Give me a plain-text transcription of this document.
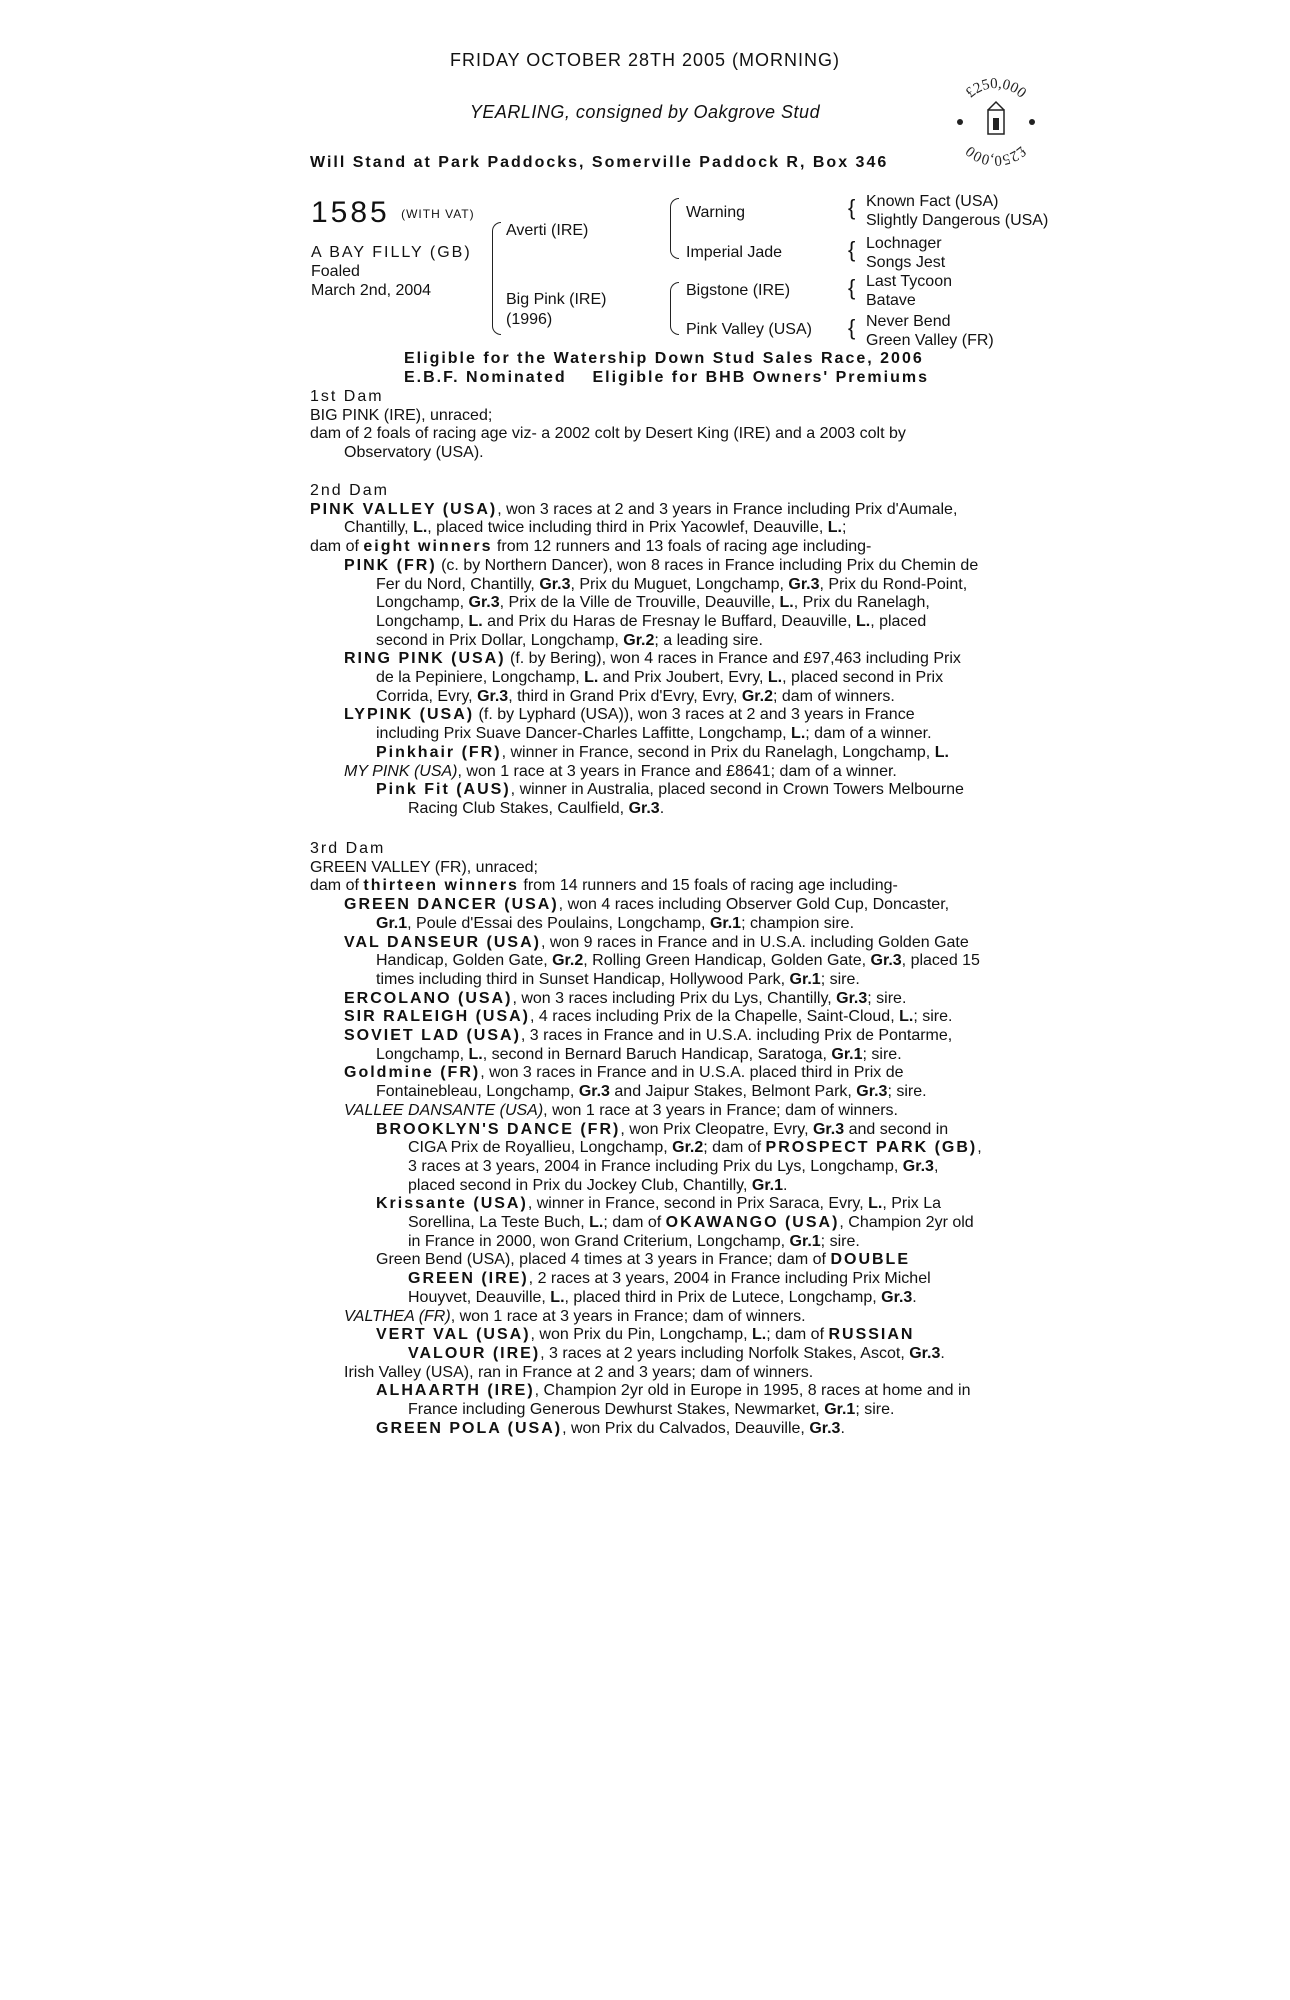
FRIDAY OCTOBER 28TH 2005 (MORNING)
YEARLING, consigned by Oakgrove Stud
Will Stand at Park Paddocks, Somerville Paddock R, Box 346
£250,000
£250,000
1585 (WITH VAT)
A BAY FILLY (GB)
Foaled
March 2nd, 2004
Averti (IRE)
Big Pink (IRE)
(1996)
Warning
Imperial Jade
Bigstone (IRE)
Pink Valley (USA)
{ Known Fact (USA)
Slightly Dangerous (USA)
{ Lochnager
Songs Jest
{ Last Tycoon
Batave
{ Never Bend
Green Valley (FR)
Eligible for the Watership Down Stud Sales Race, 2006
E.B.F. Nominated    Eligible for BHB Owners' Premiums

1st Dam

BIG PINK (IRE), unraced;

dam of 2 foals of racing age viz- a 2002 colt by Desert King (IRE) and a 2003 colt by Observatory (USA).

2nd Dam

PINK VALLEY (USA), won 3 races at 2 and 3 years in France including Prix d'Aumale, Chantilly, L., placed twice including third in Prix Yacowlef, Deauville, L.;

dam of eight winners from 12 runners and 13 foals of racing age including-

PINK (FR) (c. by Northern Dancer), won 8 races in France including Prix du Chemin de Fer du Nord, Chantilly, Gr.3, Prix du Muguet, Longchamp, Gr.3, Prix du Rond-Point, Longchamp, Gr.3, Prix de la Ville de Trouville, Deauville, L., Prix du Ranelagh, Longchamp, L. and Prix du Haras de Fresnay le Buffard, Deauville, L., placed second in Prix Dollar, Longchamp, Gr.2; a leading sire.

RING PINK (USA) (f. by Bering), won 4 races in France and £97,463 including Prix de la Pepiniere, Longchamp, L. and Prix Joubert, Evry, L., placed second in Prix Corrida, Evry, Gr.3, third in Grand Prix d'Evry, Evry, Gr.2; dam of winners.

LYPINK (USA) (f. by Lyphard (USA)), won 3 races at 2 and 3 years in France including Prix Suave Dancer-Charles Laffitte, Longchamp, L.; dam of a winner.

Pinkhair (FR), winner in France, second in Prix du Ranelagh, Longchamp, L.

MY PINK (USA), won 1 race at 3 years in France and £8641; dam of a winner.

Pink Fit (AUS), winner in Australia, placed second in Crown Towers Melbourne Racing Club Stakes, Caulfield, Gr.3.

3rd Dam

GREEN VALLEY (FR), unraced;

dam of thirteen winners from 14 runners and 15 foals of racing age including-

GREEN DANCER (USA), won 4 races including Observer Gold Cup, Doncaster, Gr.1, Poule d'Essai des Poulains, Longchamp, Gr.1; champion sire.

VAL DANSEUR (USA), won 9 races in France and in U.S.A. including Golden Gate Handicap, Golden Gate, Gr.2, Rolling Green Handicap, Golden Gate, Gr.3, placed 15 times including third in Sunset Handicap, Hollywood Park, Gr.1; sire.

ERCOLANO (USA), won 3 races including Prix du Lys, Chantilly, Gr.3; sire.

SIR RALEIGH (USA), 4 races including Prix de la Chapelle, Saint-Cloud, L.; sire.

SOVIET LAD (USA), 3 races in France and in U.S.A. including Prix de Pontarme, Longchamp, L., second in Bernard Baruch Handicap, Saratoga, Gr.1; sire.

Goldmine (FR), won 3 races in France and in U.S.A. placed third in Prix de Fontainebleau, Longchamp, Gr.3 and Jaipur Stakes, Belmont Park, Gr.3; sire.

VALLEE DANSANTE (USA), won 1 race at 3 years in France; dam of winners.

BROOKLYN'S DANCE (FR), won Prix Cleopatre, Evry, Gr.3 and second in CIGA Prix de Royallieu, Longchamp, Gr.2; dam of PROSPECT PARK (GB), 3 races at 3 years, 2004 in France including Prix du Lys, Longchamp, Gr.3, placed second in Prix du Jockey Club, Chantilly, Gr.1.

Krissante (USA), winner in France, second in Prix Saraca, Evry, L., Prix La Sorellina, La Teste Buch, L.; dam of OKAWANGO (USA), Champion 2yr old in France in 2000, won Grand Criterium, Longchamp, Gr.1; sire.

Green Bend (USA), placed 4 times at 3 years in France; dam of DOUBLE GREEN (IRE), 2 races at 3 years, 2004 in France including Prix Michel Houyvet, Deauville, L., placed third in Prix de Lutece, Longchamp, Gr.3.

VALTHEA (FR), won 1 race at 3 years in France; dam of winners.

VERT VAL (USA), won Prix du Pin, Longchamp, L.; dam of RUSSIAN VALOUR (IRE), 3 races at 2 years including Norfolk Stakes, Ascot, Gr.3.

Irish Valley (USA), ran in France at 2 and 3 years; dam of winners.

ALHAARTH (IRE), Champion 2yr old in Europe in 1995, 8 races at home and in France including Generous Dewhurst Stakes, Newmarket, Gr.1; sire.

GREEN POLA (USA), won Prix du Calvados, Deauville, Gr.3.
